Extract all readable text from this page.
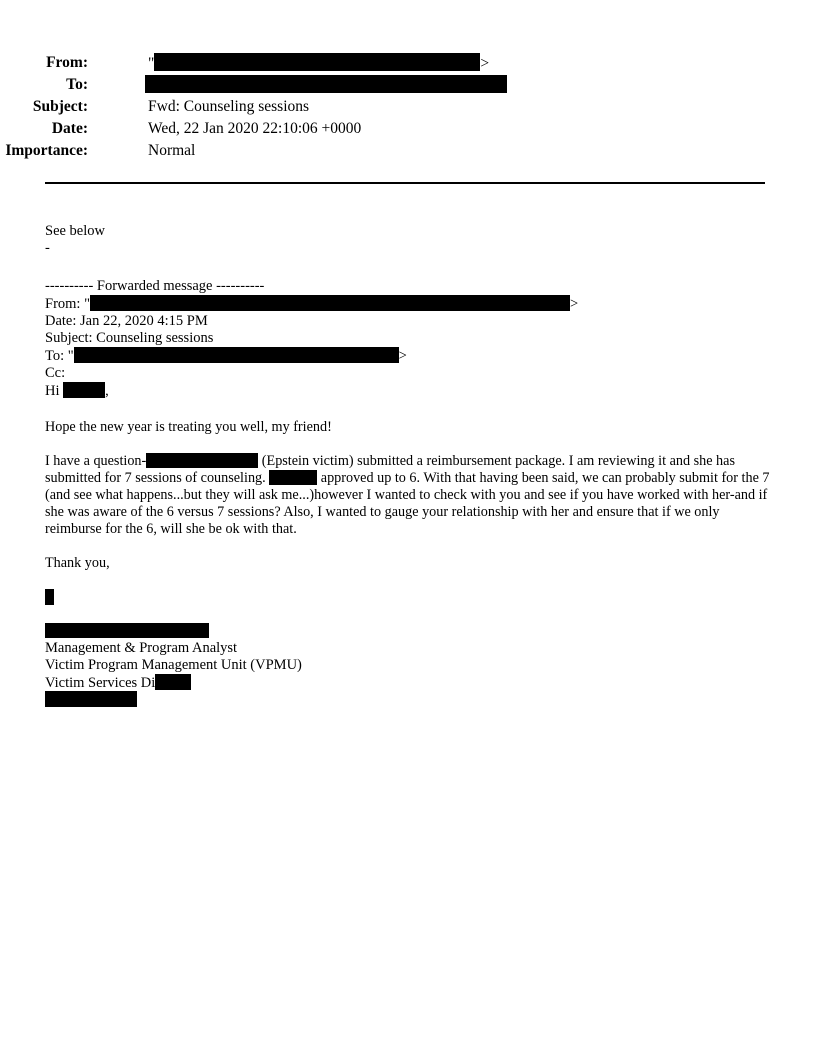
From:	"	>
To:
Subject:	Fwd: Counseling sessions
Date:	Wed, 22 Jan 2020 22:10:06 +0000
Importance:	Normal
See below
-
---------- Forwarded message ----------
From: "	>
Date: Jan 22, 2020 4:15 PM
Subject: Counseling sessions
To: "	>
Cc:
Hi	,
Hope the new year is treating you well, my friend!
I have a question-	(Epstein victim) submitted a reimbursement package. I am reviewing it and she has submitted for 7 sessions of counseling.	approved up to 6. With that having been said, we can probably submit for the 7 (and see what happens...but they will ask me...)however I wanted to check with you and see if you have worked with her-and if she was aware of the 6 versus 7 sessions? Also, I wanted to gauge your relationship with her and ensure that if we only reimburse for the 6, will she be ok with that.
Thank you,
Management & Program Analyst
Victim Program Management Unit (VPMU)
Victim Services Di
